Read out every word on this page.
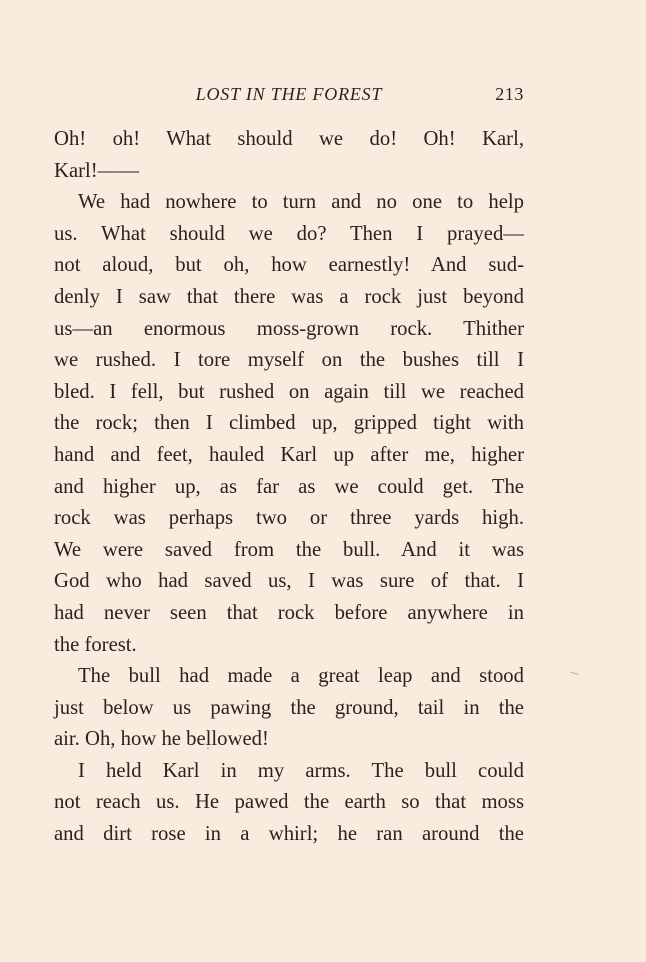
LOST IN THE FOREST	213
Oh! oh! What should we do! Oh! Karl,
Karl!——
We had nowhere to turn and no one to help
us. What should we do? Then I prayed—
not aloud, but oh, how earnestly! And sud-
denly I saw that there was a rock just beyond
us—an enormous moss-grown rock. Thither
we rushed. I tore myself on the bushes till I
bled. I fell, but rushed on again till we reached
the rock; then I climbed up, gripped tight with
hand and feet, hauled Karl up after me, higher
and higher up, as far as we could get. The
rock was perhaps two or three yards high.
We were saved from the bull. And it was
God who had saved us, I was sure of that. I
had never seen that rock before anywhere in
the forest.
The bull had made a great leap and stood
just below us pawing the ground, tail in the
air. Oh, how he bellowed!
I held Karl in my arms. The bull could
not reach us. He pawed the earth so that moss
and dirt rose in a whirl; he ran around the
